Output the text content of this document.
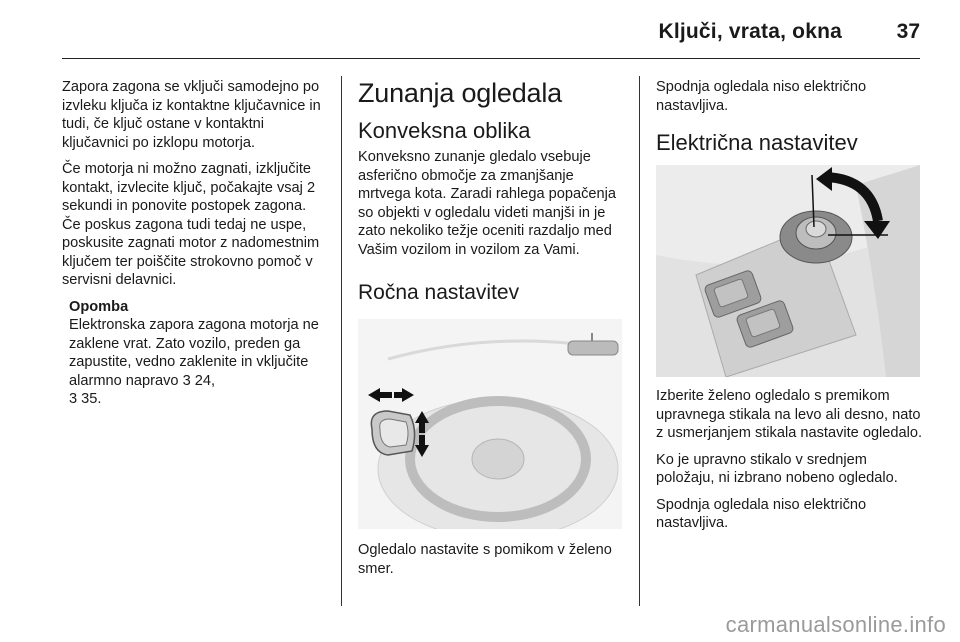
Ključi, vrata, okna	37

Zapora zagona se vključi samodejno po izvleku ključa iz kontaktne ključavnice in tudi, če ključ ostane v kontaktni ključavnici po izklopu motorja.

Če motorja ni možno zagnati, izključite kontakt, izvlecite ključ, počakajte vsaj 2 sekundi in ponovite postopek zagona. Če poskus zagona tudi tedaj ne uspe, poskusite zagnati motor z nadomestnim ključem ter poiščite strokovno pomoč v servisni delavnici.

Opomba

Elektronska zapora zagona motorja ne zaklene vrat. Zato vozilo, preden ga zapustite, vedno zaklenite in vključite alarmno napravo 3 24,
3 35.

Zunanja ogledala
Konveksna oblika

Konveksno zunanje gledalo vsebuje asferično območje za zmanjšanje mrtvega kota. Zaradi rahlega popačenja so objekti v ogledalu videti manjši in je zato nekoliko težje oceniti razdaljo med Vašim vozilom in vozilom za Vami.

Ročna nastavitev

Ogledalo nastavite s pomikom v želeno smer.

Spodnja ogledala niso električno nastavljiva.

Električna nastavitev

Izberite želeno ogledalo s premikom upravnega stikala na levo ali desno, nato z usmerjanjem stikala nastavite ogledalo.

Ko je upravno stikalo v srednjem položaju, ni izbrano nobeno ogledalo.

Spodnja ogledala niso električno nastavljiva.

carmanualsonline.info
